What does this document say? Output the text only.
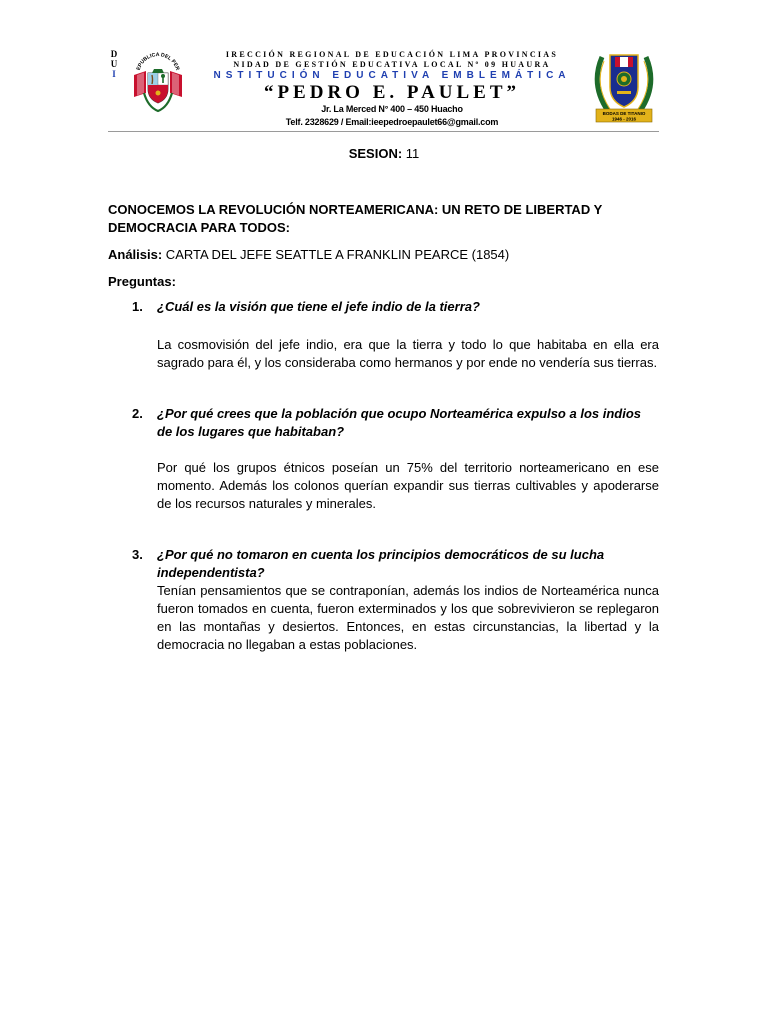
D
U
I
EPUBLICA DEL PER
IRECCIÓN REGIONAL DE EDUCACIÓN LIMA PROVINCIAS
NIDAD DE GESTIÓN EDUCATIVA LOCAL Nº 09 HUAURA
NSTITUCIÓN EDUCATIVA EMBLEMÁTICA
“PEDRO E. PAULET”
Jr. La Merced N° 400 – 450 Huacho
Telf. 2328629 / Email:ieepedroepaulet66@gmail.com
BODAS DE TITANIO
1946 - 2016
SESION: 11
CONOCEMOS LA REVOLUCIÓN NORTEAMERICANA: UN RETO DE LIBERTAD Y DEMOCRACIA PARA TODOS:
Análisis: CARTA DEL JEFE SEATTLE A FRANKLIN PEARCE (1854)
Preguntas:
1.	¿Cuál es la visión que tiene el jefe indio de la tierra?
La cosmovisión del jefe indio, era que la tierra y todo lo que habitaba en ella era sagrado para él, y los consideraba como hermanos y por ende no vendería sus tierras.
2.	¿Por qué crees que la población que ocupo Norteamérica expulso a los indios de los lugares que habitaban?
Por qué los grupos étnicos poseían un 75% del territorio norteamericano en ese momento. Además los colonos querían expandir sus tierras cultivables y apoderarse de los recursos naturales y minerales.
3.	¿Por qué no tomaron en cuenta los principios democráticos de su lucha independentista?
Tenían pensamientos que se contraponían, además los indios de Norteamérica nunca fueron tomados en cuenta, fueron exterminados y los que sobrevivieron se replegaron en las montañas y desiertos. Entonces, en estas circunstancias, la libertad y la democracia no llegaban a estas poblaciones.
